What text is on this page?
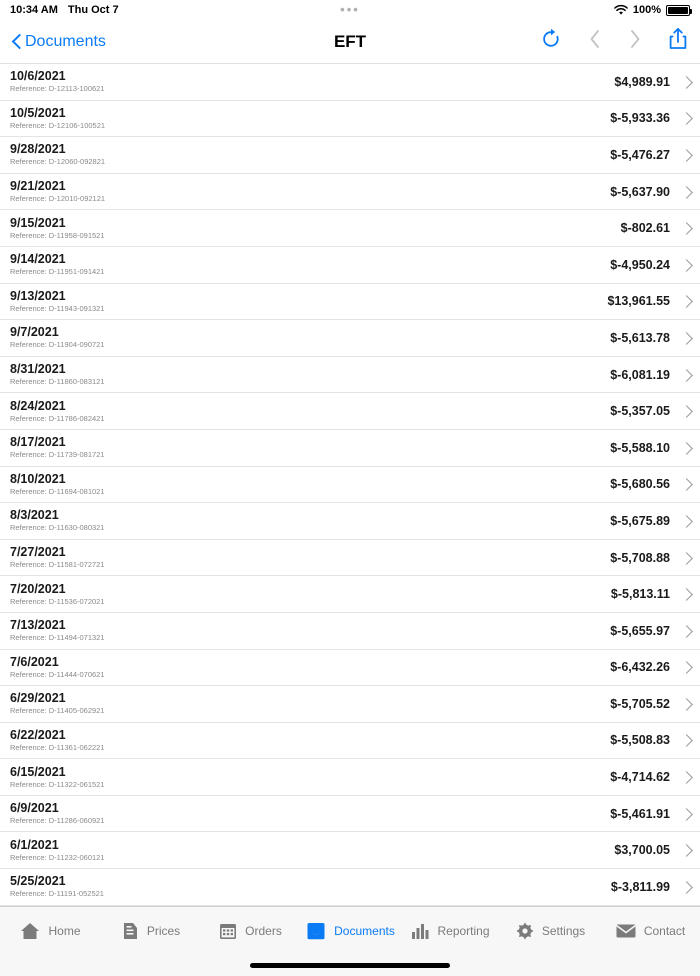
10:34 AM Thu Oct 7	•••	100%
Documents	EFT
10/6/2021
Reference: D-12113-100621	$4,989.91
10/5/2021
Reference: D-12106-100521	$-5,933.36
9/28/2021
Reference: D-12060-092821	$-5,476.27
9/21/2021
Reference: D-12010-092121	$-5,637.90
9/15/2021
Reference: D-11958-091521	$-802.61
9/14/2021
Reference: D-11951-091421	$-4,950.24
9/13/2021
Reference: D-11943-091321	$13,961.55
9/7/2021
Reference: D-11904-090721	$-5,613.78
8/31/2021
Reference: D-11860-083121	$-6,081.19
8/24/2021
Reference: D-11786-082421	$-5,357.05
8/17/2021
Reference: D-11739-081721	$-5,588.10
8/10/2021
Reference: D-11694-081021	$-5,680.56
8/3/2021
Reference: D-11630-080321	$-5,675.89
7/27/2021
Reference: D-11581-072721	$-5,708.88
7/20/2021
Reference: D-11536-072021	$-5,813.11
7/13/2021
Reference: D-11494-071321	$-5,655.97
7/6/2021
Reference: D-11444-070621	$-6,432.26
6/29/2021
Reference: D-11405-062921	$-5,705.52
6/22/2021
Reference: D-11361-062221	$-5,508.83
6/15/2021
Reference: D-11322-061521	$-4,714.62
6/9/2021
Reference: D-11286-060921	$-5,461.91
6/1/2021
Reference: D-11232-060121	$3,700.05
5/25/2021
Reference: D-11191-052521	$-3,811.99
Home	Prices	Orders	Documents	Reporting	Settings	Contact
